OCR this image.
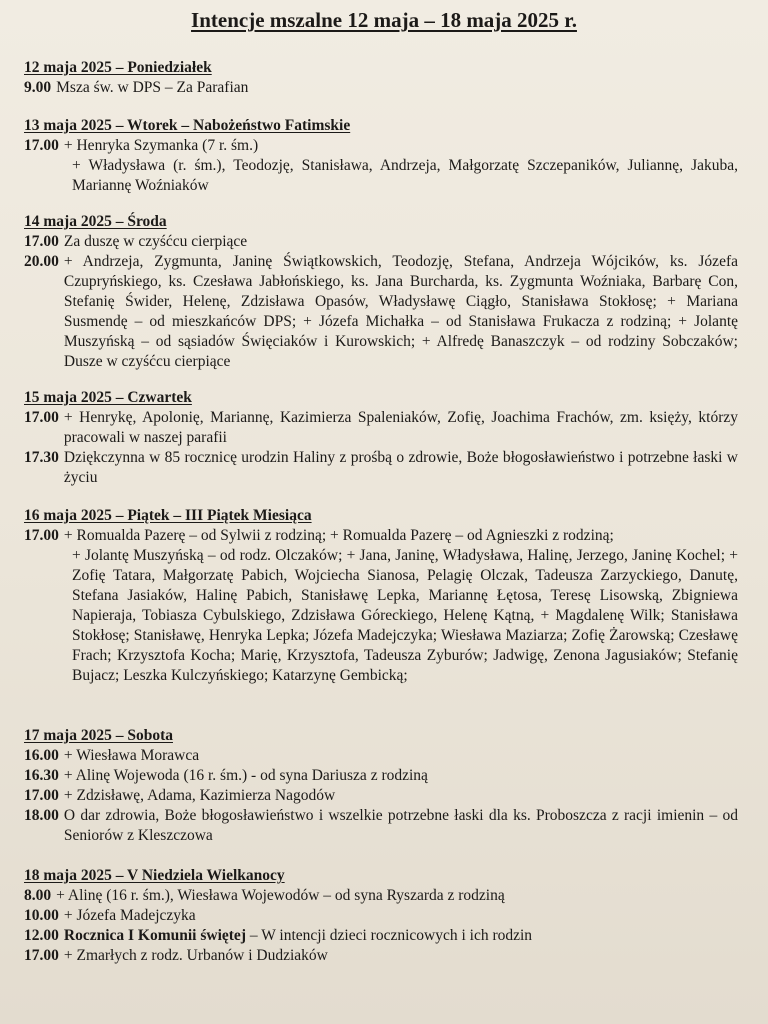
Intencje mszalne 12 maja – 18 maja 2025 r.
12 maja 2025 – Poniedziałek
9.00 Msza św. w DPS – Za Parafian
13 maja 2025 – Wtorek – Nabożeństwo Fatimskie
17.00 + Henryka Szymanka (7 r. śm.)
+ Władysława (r. śm.), Teodozję, Stanisława, Andrzeja, Małgorzatę Szczepaników, Juliannę, Jakuba, Mariannę Woźniaków
14 maja 2025 – Środa
17.00 Za duszę w czyśćcu cierpiące
20.00 + Andrzeja, Zygmunta, Janinę Świątkowskich, Teodozję, Stefana, Andrzeja Wójcików, ks. Józefa Czupryńskiego, ks. Czesława Jabłońskiego, ks. Jana Burcharda, ks. Zygmunta Woźniaka, Barbarę Con, Stefanię Świder, Helenę, Zdzisława Opasów, Władysławę Ciągło, Stanisława Stokłosę; + Mariana Susmendę – od mieszkańców DPS; + Józefa Michałka – od Stanisława Frukacza z rodziną; + Jolantę Muszyńską – od sąsiadów Święciaków i Kurowskich; + Alfredę Banaszczyk – od rodziny Sobczaków; Dusze w czyśćcu cierpiące
15 maja 2025 – Czwartek
17.00 + Henrykę, Apolonię, Mariannę, Kazimierza Spaleniaków, Zofię, Joachima Frachów, zm. księży, którzy pracowali w naszej parafii
17.30 Dziękczynna w 85 rocznicę urodzin Haliny z prośbą o zdrowie, Boże błogosławieństwo i potrzebne łaski w życiu
16 maja 2025 – Piątek – III Piątek Miesiąca
17.00 + Romualda Pazerę – od Sylwii z rodziną; + Romualda Pazerę – od Agnieszki z rodziną;
+ Jolantę Muszyńską – od rodz. Olczaków; + Jana, Janinę, Władysława, Halinę, Jerzego, Janinę Kochel; + Zofię Tatara, Małgorzatę Pabich, Wojciecha Sianosa, Pelagię Olczak, Tadeusza Zarzyckiego, Danutę, Stefana Jasiaków, Halinę Pabich, Stanisławę Lepka, Mariannę Łętosa, Teresę Lisowską, Zbigniewa Napieraja, Tobiasza Cybulskiego, Zdzisława Góreckiego, Helenę Kątną, + Magdalenę Wilk; Stanisława Stokłosę; Stanisławę, Henryka Lepka; Józefa Madejczyka; Wiesława Maziarza; Zofię Żarowską; Czesławę Frach; Krzysztofa Kocha; Marię, Krzysztofa, Tadeusza Zyburów; Jadwigę, Zenona Jagusiaków; Stefanię Bujacz; Leszka Kulczyńskiego; Katarzynę Gembicką;
17 maja 2025 – Sobota
16.00 + Wiesława Morawca
16.30 + Alinę Wojewoda (16 r. śm.) - od syna Dariusza z rodziną
17.00 + Zdzisławę, Adama, Kazimierza Nagodów
18.00 O dar zdrowia, Boże błogosławieństwo i wszelkie potrzebne łaski dla ks. Proboszcza z racji imienin – od Seniorów z Kleszczowa
18 maja 2025 – V Niedziela Wielkanocy
8.00 + Alinę (16 r. śm.), Wiesława Wojewodów – od syna Ryszarda z rodziną
10.00 + Józefa Madejczyka
12.00 Rocznica I Komunii świętej – W intencji dzieci rocznicowych i ich rodzin
17.00 + Zmarłych z rodz. Urbanów i Dudziaków
